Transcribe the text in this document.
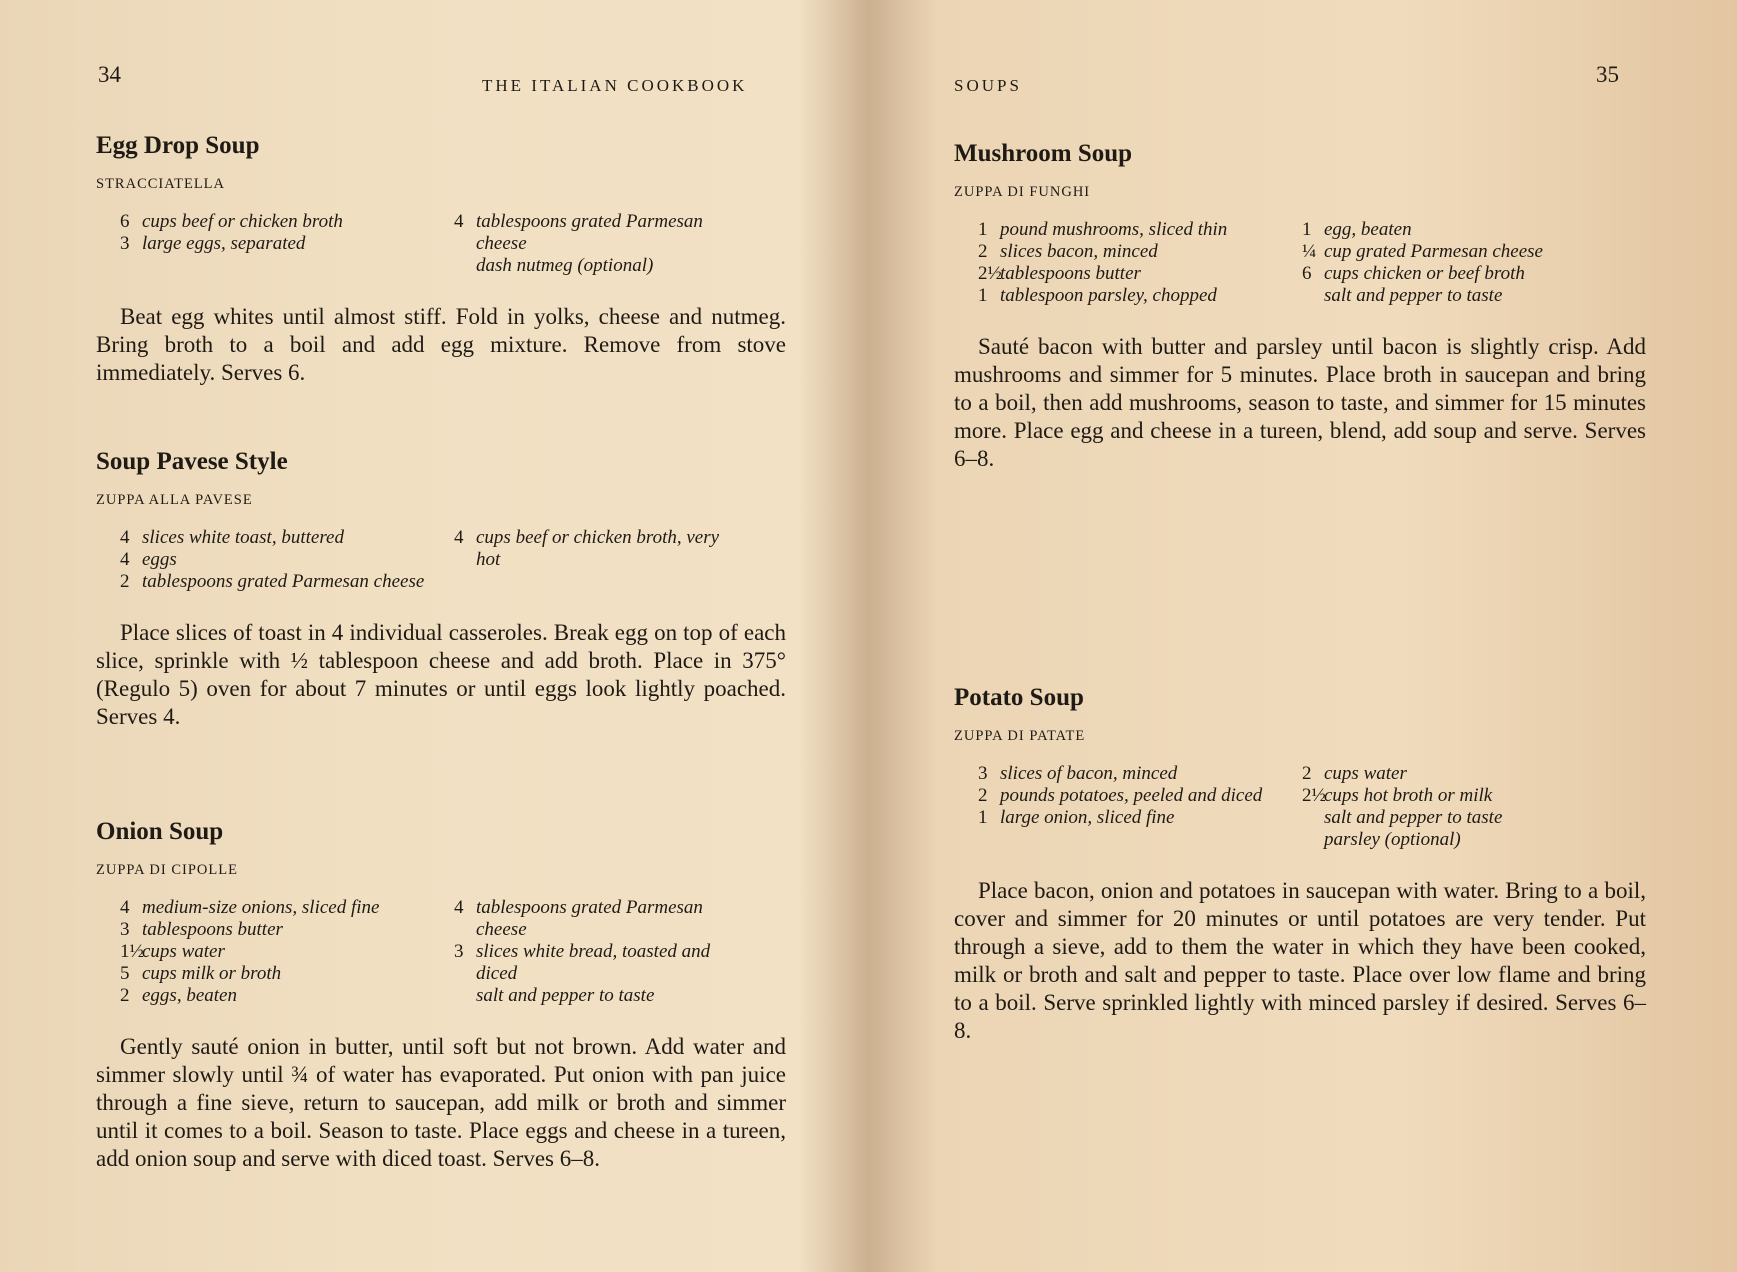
34	THE ITALIAN COOKBOOK
Egg Drop Soup
STRACCIATELLA
6 cups beef or chicken broth
3 large eggs, separated
4 tablespoons grated Parmesan cheese
dash nutmeg (optional)

Beat egg whites until almost stiff. Fold in yolks, cheese and nutmeg. Bring broth to a boil and add egg mixture. Remove from stove immediately. Serves 6.

Soup Pavese Style
ZUPPA ALLA PAVESE
4 slices white toast, buttered
4 eggs
2 tablespoons grated Parmesan cheese
4 cups beef or chicken broth, very hot

Place slices of toast in 4 individual casseroles. Break egg on top of each slice, sprinkle with ½ tablespoon cheese and add broth. Place in 375° (Regulo 5) oven for about 7 minutes or until eggs look lightly poached. Serves 4.

Onion Soup
ZUPPA DI CIPOLLE
4 medium-size onions, sliced fine
3 tablespoons butter
1½
cups water
5 cups milk or broth
2 eggs, beaten
4 tablespoons grated Parmesan cheese
3 slices white bread, toasted and diced
salt and pepper to taste

Gently sauté onion in butter, until soft but not brown. Add water and simmer slowly until ¾ of water has evaporated. Put onion with pan juice through a fine sieve, return to saucepan, add milk or broth and simmer until it comes to a boil. Season to taste. Place eggs and cheese in a tureen, add onion soup and serve with diced toast. Serves 6–8.

SOUPS	35
Mushroom Soup
ZUPPA DI FUNGHI
1 pound mushrooms, sliced thin
2 slices bacon, minced
2½
tablespoons butter
1 tablespoon parsley, chopped
1 egg, beaten
¼ cup grated Parmesan cheese
6 cups chicken or beef broth
salt and pepper to taste

Sauté bacon with butter and parsley until bacon is slightly crisp. Add mushrooms and simmer for 5 minutes. Place broth in saucepan and bring to a boil, then add mushrooms, season to taste, and simmer for 15 minutes more. Place egg and cheese in a tureen, blend, add soup and serve. Serves 6–8.

Potato Soup
ZUPPA DI PATATE
3 slices of bacon, minced
2 pounds potatoes, peeled and diced
1 large onion, sliced fine
2 cups water
2½
cups hot broth or milk
salt and pepper to taste
parsley (optional)

Place bacon, onion and potatoes in saucepan with water. Bring to a boil, cover and simmer for 20 minutes or until potatoes are very tender. Put through a sieve, add to them the water in which they have been cooked, milk or broth and salt and pepper to taste. Place over low flame and bring to a boil. Serve sprinkled lightly with minced parsley if desired. Serves 6–8.
